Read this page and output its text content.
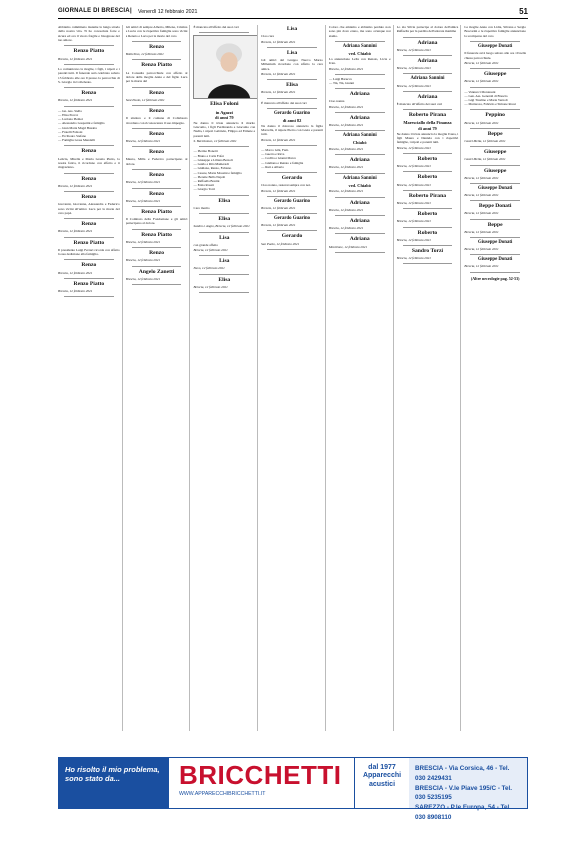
GIORNALE DI BRESCIA | Venerdì 12 febbraio 2021	51
Abbiamo camminato insieme la lunga strada della nostra vita. Ti ho conosciuta forte e sicura ed ora il vuoto fragile e bisognose del tuo amore.
Renzo Piatto
Brescia, 12 febbraio 2021
Lo comunicano la moglie, i figli, i nipoti e i parenti tutti. Il funerale sarà celebrato sabato 13 febbraio alle ore 9 presso la parrocchia di S. Giorgio in Collebeato.
Renzo
Brescia, 12 febbraio 2021
— Gn. Ass. Stella
— Elisa Prevot
— Luciana Piemoi
— Alessandro Gasparini e famiglia
— Gian Maria Magri Busatta
— Fratelli Falzoni
— Ercibouro Stefano
— Famiglia Grass Mandelli
Renzo
Leticia, Mirella e Maria Grazia Piatto, la nostra fatica, ti ricordano con affetto e ti ringraziano.
Renzo
Brescia, 12 febbraio 2021
Renzo
Giovanni, Giovanna, Alessandra e Federico sono vicini all'amico Luca per la morte del caro papà.
Renzo
Brescia, 12 febbraio 2021
Renzo Piatto
Il presidente Luigi Ferrari ricorda con affetto la sua dedizione alla famiglia.
Renzo
Brescia, 12 febbraio 2021
Renzo Piatto
Brescia, 12 febbraio 2021
Gli amici di sempre Alberto, Milena, Cristina e Lucia con le rispettive famiglie sono vicini a Renato e Luca per la morte del caro
Renzo
Bottichino, 12 febbraio 2021
Renzo Piatto
La Consulta parrocchiale con affetto al dolore della moglie Anna e del figlio Luca per la morte del
Renzo
Sant Paolo, 12 febbraio 2021
Renzo
Il sindaco e il comune di Collebeato ricordano con riconoscenza il suo impegno.
Renzo
Brescia, 12 febbraio 2021
Renzo
Maura, Milla e Federico partecipano al dolore.
Renzo
Brescia, 12 febbraio 2021
Renzo
Brescia, 12 febbraio 2021
Renzo Piatto
Il Comitato della Fondazione e gli amici partecipano al dolore.
Renzo Piatto
Brescia, 12 febbraio 2021
Renzo
Brescia, 12 febbraio 2021
Angelo Zanetti
Brescia, 12 febbraio 2021
È mancata all'affetto dei suoi cari
Elisa Foloni
in Agazzi
di anni 79
Ne danno il triste annuncio il marito Giacomo, i figli Ferdinando e Giacomo con Nadia, i nipoti Gabriele, Filippo ed Ermete e parenti tutti.
S. Bartolomeo, 12 febbraio 2021
— Pierino Bonetti
— Bruno e Carla Fofer
— Giuseppe e Liliana Bersoli
— Guido e Rita Mameradi
— Giuliana, Renzo, Fabiano
— Cesare, Maria Mossini e famiglia
— Pierette Bella Napoli
— Raffaella Bonini
— Ernia Rosati
— Giorgio Torri
Elisa
Caro marito
Elisa
Sandro e Angio, Brescia, 12 febbraio 2021
Lisa
con grande affetto
Brescia, 12 febbraio 2021
Lisa
Nuvo, 12 febbraio 2021
Elisa
Brescia, 12 febbraio 2021
Lisa
Ciao cara
Brescia, 12 febbraio 2021
Lisa
Gli amici del Gruppo Nuovo Marzo Millenium ricordano con affetto la cara amica.
Brescia, 12 febbraio 2021
Elisa
Brescia, 12 febbraio 2021
È mancato all'affetto dei suoi cari
Gerardo Guarino
di anni 82
Ne danno il doloroso annuncio la figlia Marcella, il nipote Pietro con Greta e parenti tutti.
Brescia, 12 febbraio 2021
— Marco Gilè, Fam.
— Guerra e Rava
— Cecilia e Gianni Marco
— Giuliana e Renato e famiglia
— Ruti e Alberto
Gerardo
Ciao nonno, resterai sempre con noi.
Brescia, 12 febbraio 2021
Gerardo Guarino
Brescia, 12 febbraio 2021
Gerardo Guarino
Brescia, 12 febbraio 2021
Gerardo
San Paolo, 12 febbraio 2021
Coloro che amiamo e abbiamo perduto non sono più dove erano, ma sono ovunque noi siamo.
Adriana Sannini
ved. Chiabò
La annunciano Lella con Renato, Licia e Ivan.
Brescia, 12 febbraio 2021
— Luigi Barucca
— Tin, Tin, Gianni
Adriana
Ciao nonna
Brescia, 12 febbraio 2021
Adriana
Brescia, 12 febbraio 2021
Adriana Sannini
Chiabò
Brescia, 12 febbraio 2021
Adriana
Brescia, 12 febbraio 2021
Adriana Sannini
ved. Chiabò
Brescia, 12 febbraio 2021
Adriana
Brescia, 12 febbraio 2021
Adriana
Brescia, 12 febbraio 2021
Adriana
Montirone, 12 febbraio 2021
Lo zia Silvia partecipa al dolore dell'amica Raffaella per la perdita dell'adorata mamma
Adriana
Brescia, 12 febbraio 2021
Adriana
Brescia, 12 febbraio 2021
Adriana Sannini
Brescia, 12 febbraio 2021
Adriana
È mancato all'affetto dei suoi cari
Roberto Pirana
Maresciallo della Finanza
di anni 79
Ne danno il triste annuncio la moglie Ivana, i figli Mauro e Daniela con i rispettivi famiglie, i nipoti e parenti tutti.
Brescia, 12 febbraio 2021
Roberto
Brescia, 12 febbraio 2021
Roberto
Brescia, 12 febbraio 2021
Roberto Pirana
Brescia, 12 febbraio 2021
Roberto
Brescia, 12 febbraio 2021
Roberto
Brescia, 12 febbraio 2021
Sandro Torzi
Brescia, 12 febbraio 2021
La moglie Anna con Lidia, Silvana e Sergio Boscarini e le rispettive famiglie annunciano la scomparsa del caro
Giuseppe Donati
Il funerale avrà luogo sabato alle ore 10 nella chiesa parrocchiale.
Brescia, 12 febbraio 2021
Giuseppe
Brescia, 12 febbraio 2021
— Vannucci Montesani
— Gen. Ass. Generali di Brescia
— Gigi Truslino e Maria Vernoli
— Mariarosa, Fabrizio e Simone Rossi
Peppino
Brescia, 12 febbraio 2021
Beppe
Castel Mella, 12 febbraio 2021
Giuseppe
Castel Mella, 12 febbraio 2021
Giuseppe
Brescia, 12 febbraio 2021
Giuseppe Donati
Brescia, 12 febbraio 2021
Beppe Donati
Brescia, 12 febbraio 2021
Beppe
Brescia, 12 febbraio 2021
Giuseppe Donati
Brescia, 12 febbraio 2021
Giuseppe Donati
Brescia, 12 febbraio 2021
(Altre necrologie pag. 52-53)
Ho risolto il mio problema, sono stato da...	BRICCHETTI
WWW.APPARECCHIBRICCHETTI.IT
dal 1977
Apparecchi
acustici
BRESCIA - Via Corsica, 46 - Tel. 030 2429431
BRESCIA - V.le Piave 195/C - Tel. 030 5235195
SAREZZO - P.le Europa, 54 - Tel. 030 8908110
